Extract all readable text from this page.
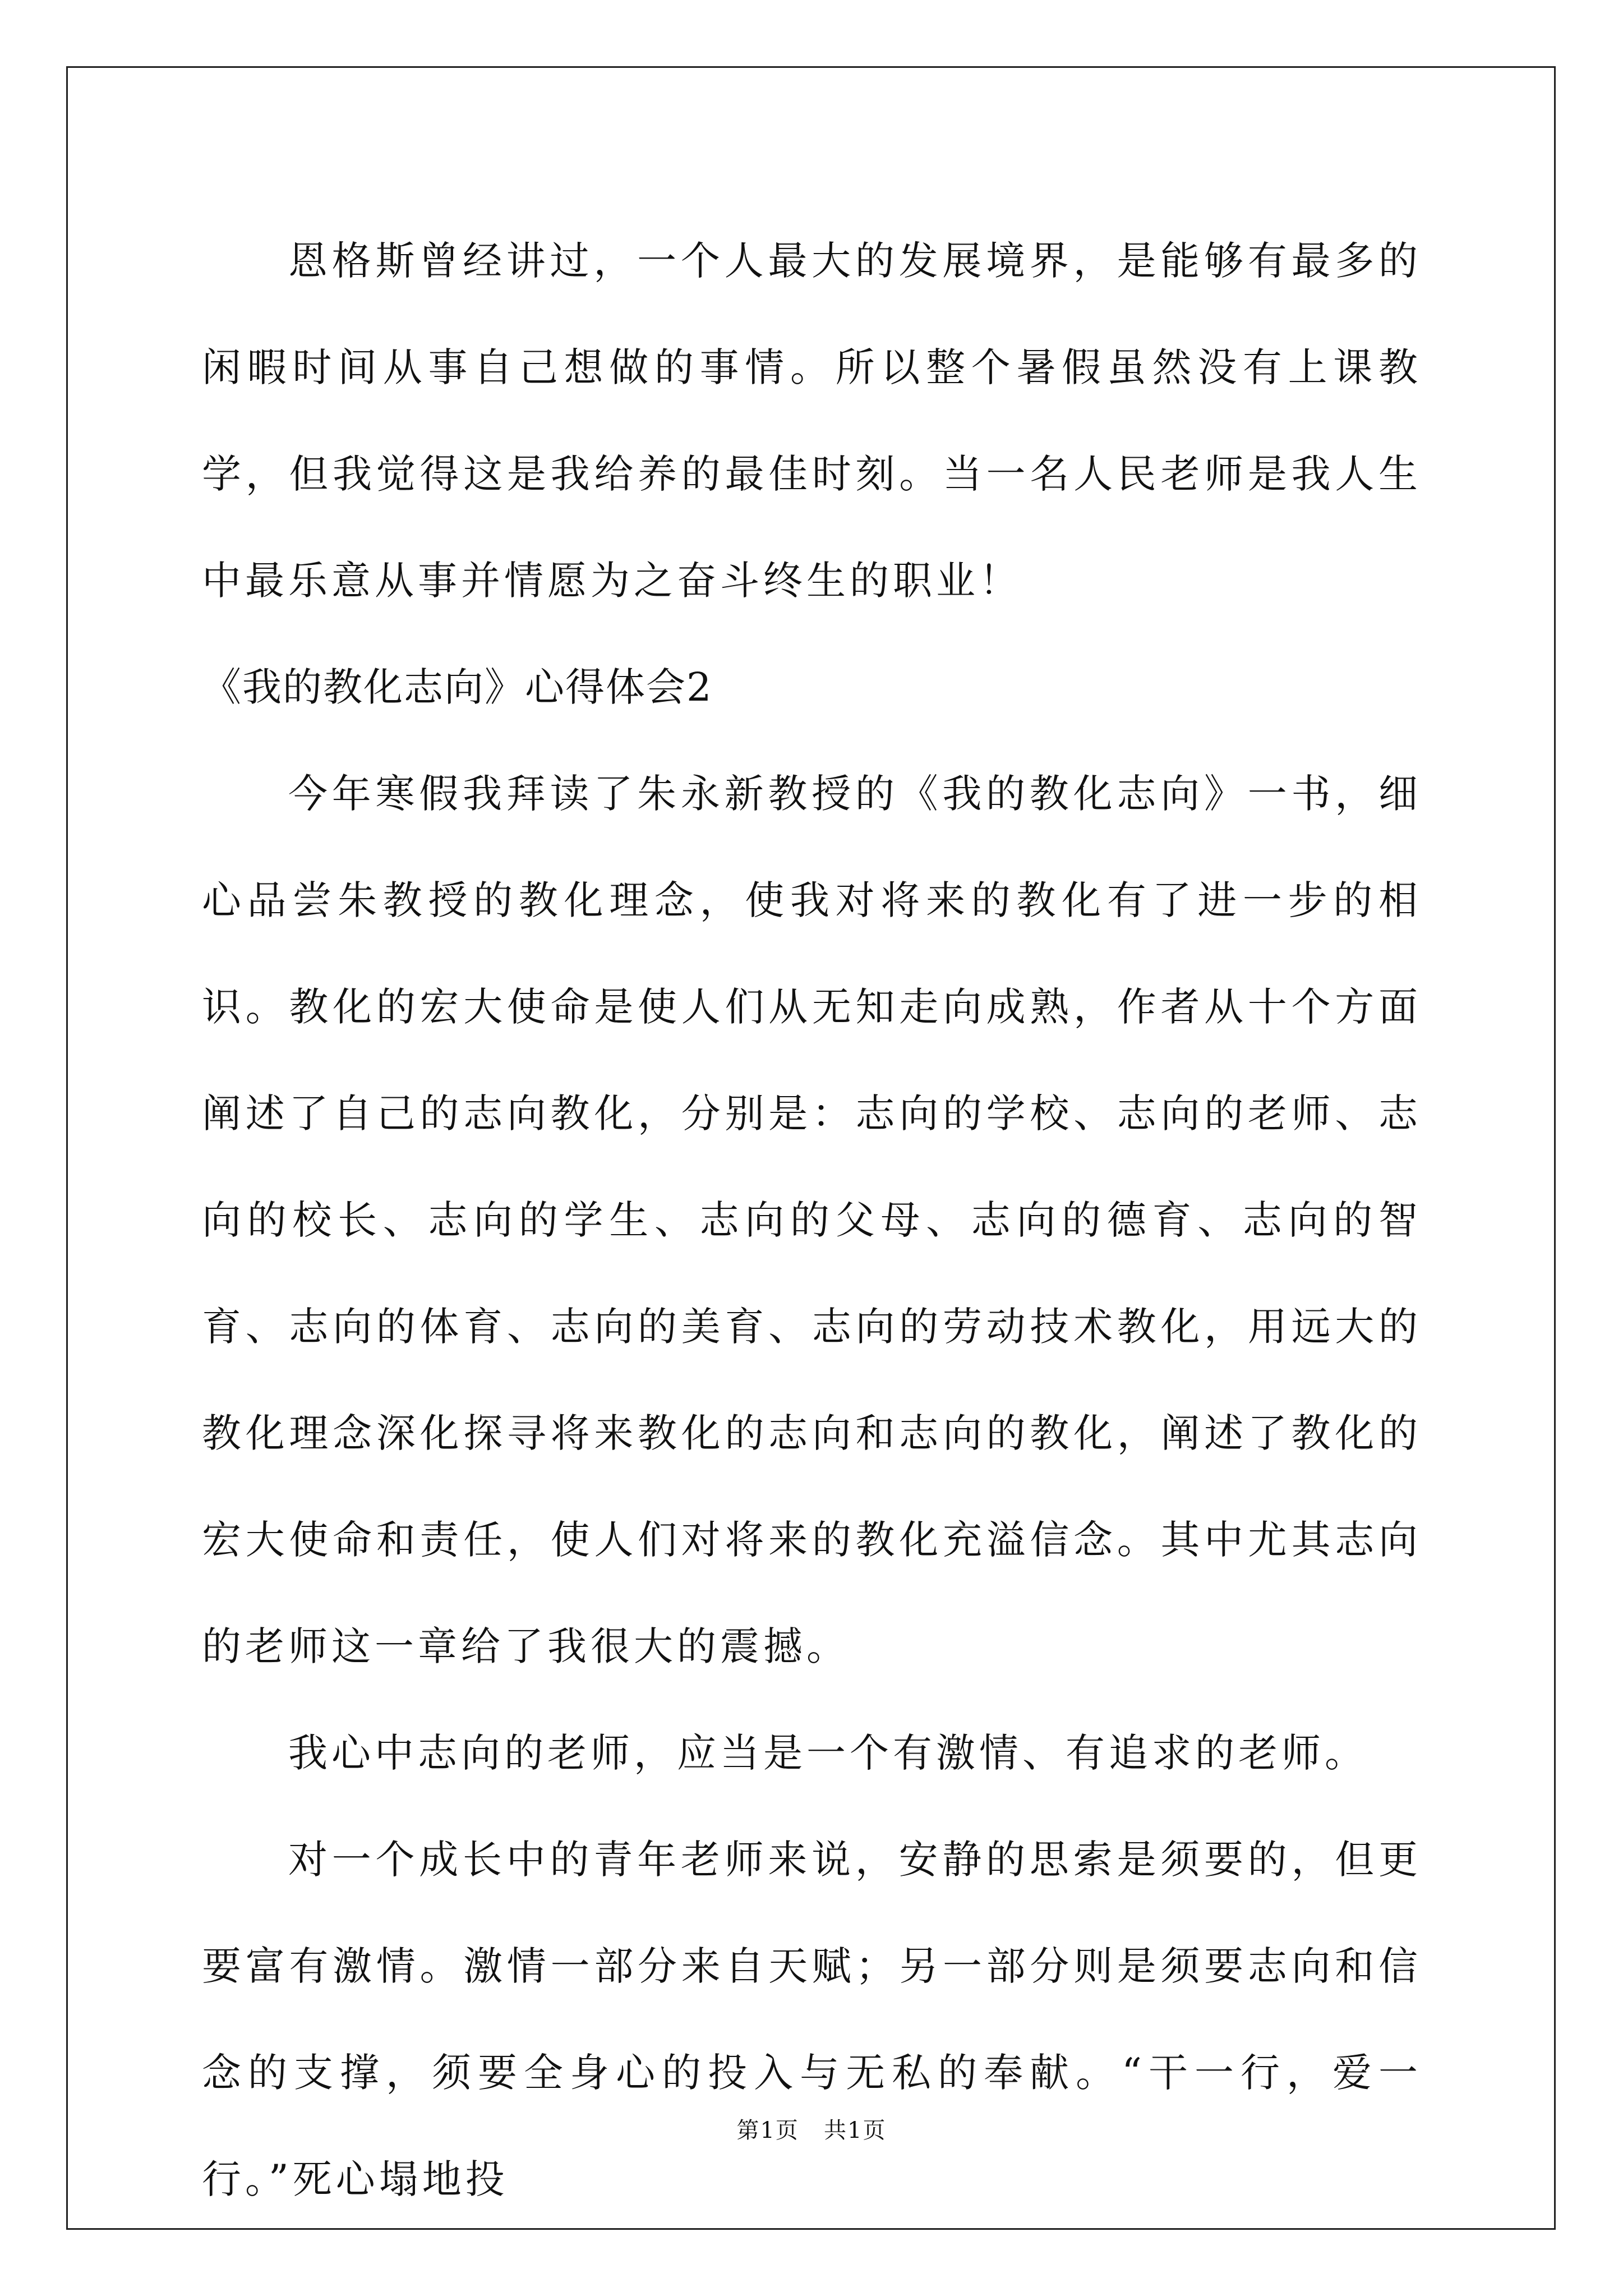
恩格斯曾经讲过，一个人最大的发展境界，是能够有最多的闲暇时间从事自己想做的事情。所以整个暑假虽然没有上课教学，但我觉得这是我给养的最佳时刻。当一名人民老师是我人生中最乐意从事并情愿为之奋斗终生的职业！

《我的教化志向》心得体会2

今年寒假我拜读了朱永新教授的《我的教化志向》一书，细心品尝朱教授的教化理念，使我对将来的教化有了进一步的相识。教化的宏大使命是使人们从无知走向成熟，作者从十个方面阐述了自己的志向教化，分别是：志向的学校、志向的老师、志向的校长、志向的学生、志向的父母、志向的德育、志向的智育、志向的体育、志向的美育、志向的劳动技术教化，用远大的教化理念深化探寻将来教化的志向和志向的教化，阐述了教化的宏大使命和责任，使人们对将来的教化充溢信念。其中尤其志向的老师这一章给了我很大的震撼。

我心中志向的老师，应当是一个有激情、有追求的老师。

对一个成长中的青年老师来说，安静的思索是须要的，但更要富有激情。激情一部分来自天赋；另一部分则是须要志向和信念的支撑，须要全身心的投入与无私的奉献。“干一行，爱一行。”死心塌地投

第1页   共1页
